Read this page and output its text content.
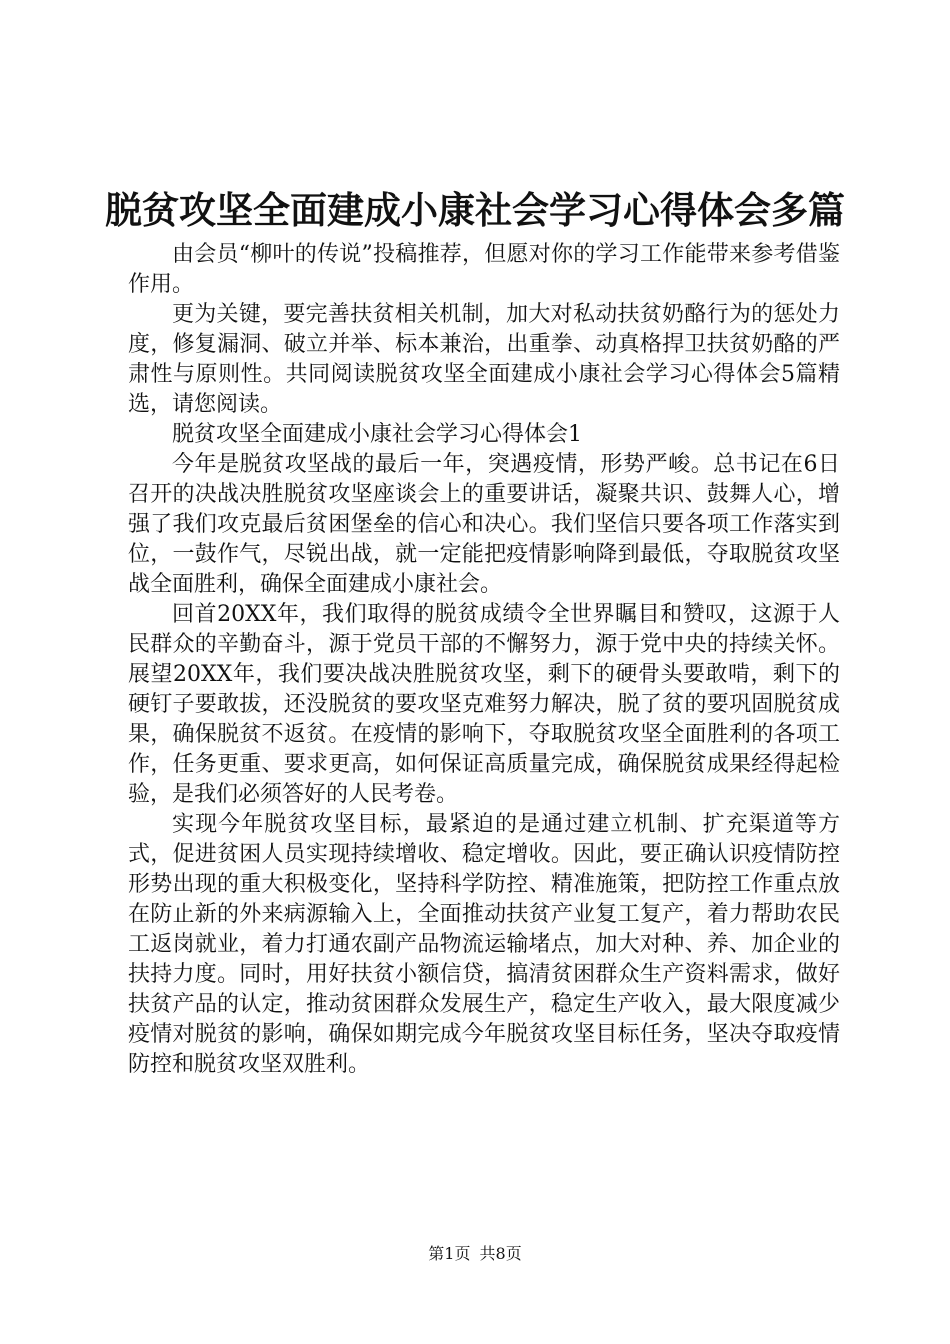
脱贫攻坚全面建成小康社会学习心得体会多篇

由会员“柳叶的传说”投稿推荐，但愿对你的学习工作能带来参考借鉴作用。

更为关键，要完善扶贫相关机制，加大对私动扶贫奶酪行为的惩处力度，修复漏洞、破立并举、标本兼治，出重拳、动真格捍卫扶贫奶酪的严肃性与原则性。共同阅读脱贫攻坚全面建成小康社会学习心得体会5篇精选，请您阅读。

脱贫攻坚全面建成小康社会学习心得体会1

今年是脱贫攻坚战的最后一年，突遇疫情，形势严峻。总书记在6日召开的决战决胜脱贫攻坚座谈会上的重要讲话，凝聚共识、鼓舞人心，增强了我们攻克最后贫困堡垒的信心和决心。我们坚信只要各项工作落实到位，一鼓作气，尽锐出战，就一定能把疫情影响降到最低，夺取脱贫攻坚战全面胜利，确保全面建成小康社会。

回首20XX年，我们取得的脱贫成绩令全世界瞩目和赞叹，这源于人民群众的辛勤奋斗，源于党员干部的不懈努力，源于党中央的持续关怀。展望20XX年，我们要决战决胜脱贫攻坚，剩下的硬骨头要敢啃，剩下的硬钉子要敢拔，还没脱贫的要攻坚克难努力解决，脱了贫的要巩固脱贫成果，确保脱贫不返贫。在疫情的影响下，夺取脱贫攻坚全面胜利的各项工作，任务更重、要求更高，如何保证高质量完成，确保脱贫成果经得起检验，是我们必须答好的人民考卷。

实现今年脱贫攻坚目标，最紧迫的是通过建立机制、扩充渠道等方式，促进贫困人员实现持续增收、稳定增收。因此，要正确认识疫情防控形势出现的重大积极变化，坚持科学防控、精准施策，把防控工作重点放在防止新的外来病源输入上，全面推动扶贫产业复工复产，着力帮助农民工返岗就业，着力打通农副产品物流运输堵点，加大对种、养、加企业的扶持力度。同时，用好扶贫小额信贷，搞清贫困群众生产资料需求，做好扶贫产品的认定，推动贫困群众发展生产，稳定生产收入，最大限度减少疫情对脱贫的影响，确保如期完成今年脱贫攻坚目标任务，坚决夺取疫情防控和脱贫攻坚双胜利。

第1页 共8页
